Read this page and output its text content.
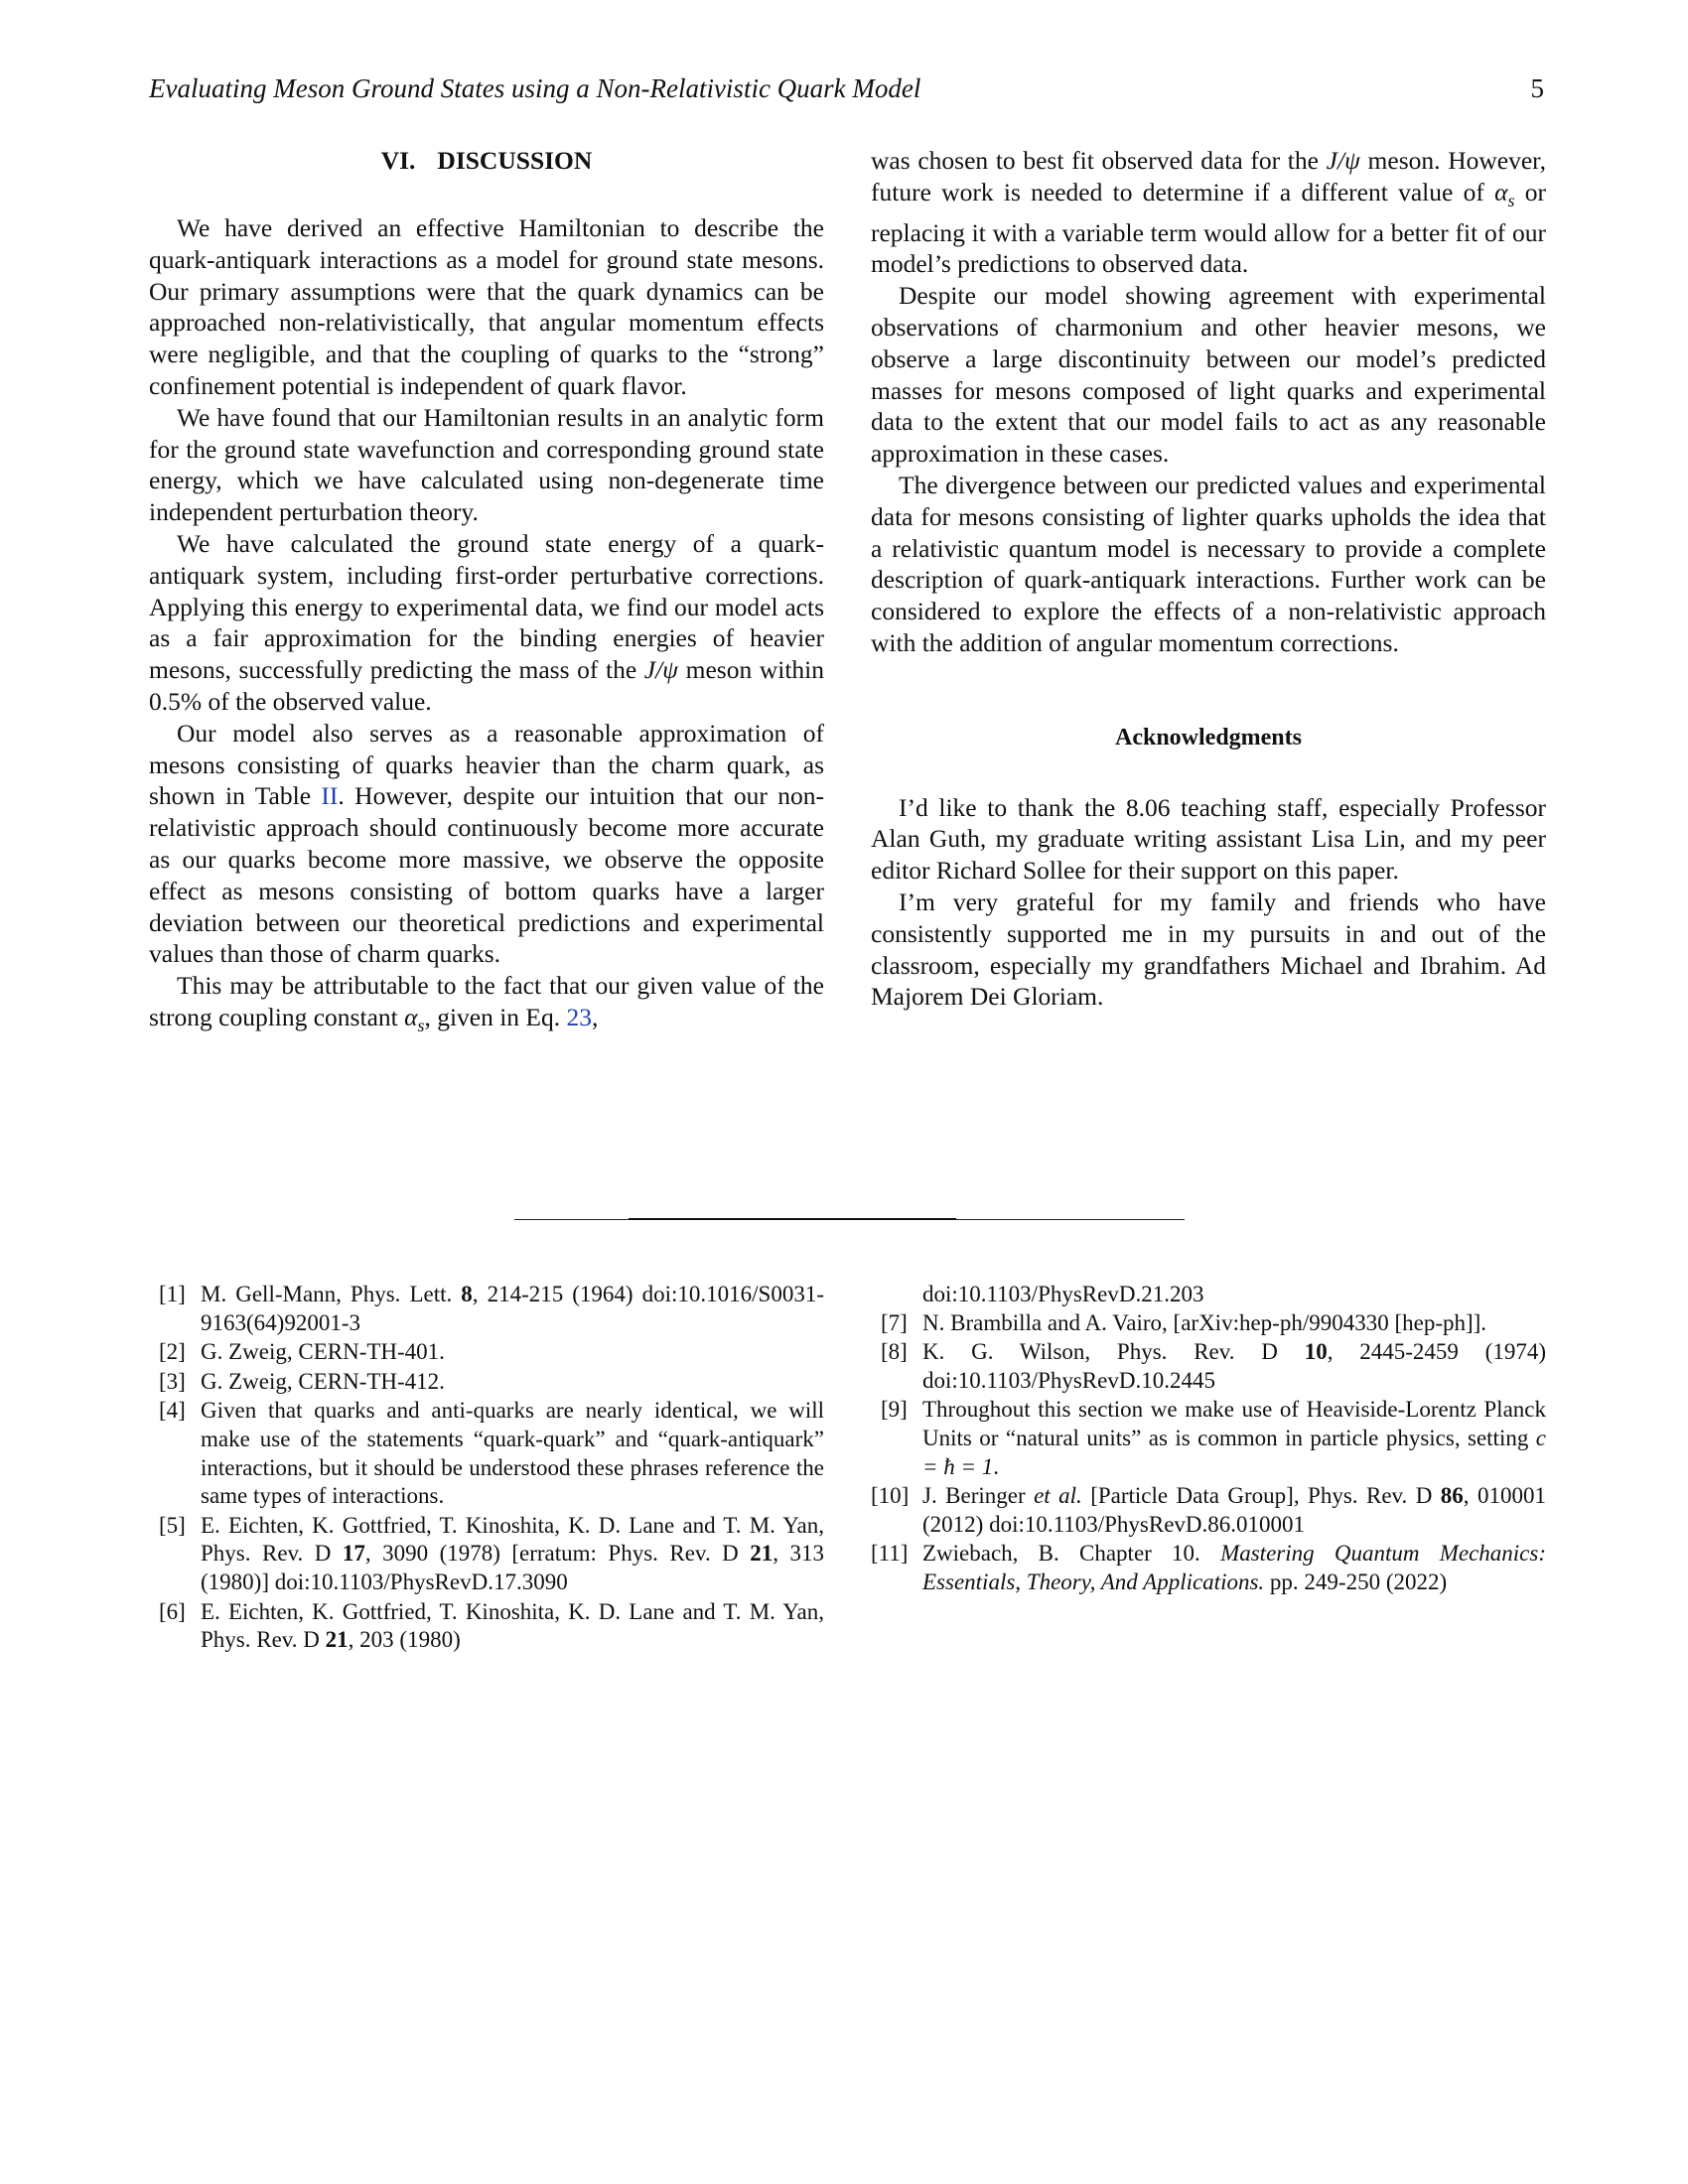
Evaluating Meson Ground States using a Non-Relativistic Quark Model	5
VI. DISCUSSION

We have derived an effective Hamiltonian to describe the quark-antiquark interactions as a model for ground state mesons. Our primary assumptions were that the quark dynamics can be approached non-relativistically, that angular momentum effects were negligible, and that the coupling of quarks to the “strong” confinement potential is independent of quark flavor.

We have found that our Hamiltonian results in an analytic form for the ground state wavefunction and corresponding ground state energy, which we have calculated using non-degenerate time independent perturbation theory.

We have calculated the ground state energy of a quark-antiquark system, including first-order perturbative corrections. Applying this energy to experimental data, we find our model acts as a fair approximation for the binding energies of heavier mesons, successfully predicting the mass of the J/ψ meson within 0.5% of the observed value.

Our model also serves as a reasonable approximation of mesons consisting of quarks heavier than the charm quark, as shown in Table II. However, despite our intuition that our non-relativistic approach should continuously become more accurate as our quarks become more massive, we observe the opposite effect as mesons consisting of bottom quarks have a larger deviation between our theoretical predictions and experimental values than those of charm quarks.

This may be attributable to the fact that our given value of the strong coupling constant $\alpha_s$, given in Eq. 23,

was chosen to best fit observed data for the J/ψ meson. However, future work is needed to determine if a different value of $\alpha_s$ or replacing it with a variable term would allow for a better fit of our model’s predictions to observed data.

Despite our model showing agreement with experimental observations of charmonium and other heavier mesons, we observe a large discontinuity between our model’s predicted masses for mesons composed of light quarks and experimental data to the extent that our model fails to act as any reasonable approximation in these cases.

The divergence between our predicted values and experimental data for mesons consisting of lighter quarks upholds the idea that a relativistic quantum model is necessary to provide a complete description of quark-antiquark interactions. Further work can be considered to explore the effects of a non-relativistic approach with the addition of angular momentum corrections.

Acknowledgments

I’d like to thank the 8.06 teaching staff, especially Professor Alan Guth, my graduate writing assistant Lisa Lin, and my peer editor Richard Sollee for their support on this paper.

I’m very grateful for my family and friends who have consistently supported me in my pursuits in and out of the classroom, especially my grandfathers Michael and Ibrahim. Ad Majorem Dei Gloriam.

[1] M. Gell-Mann, Phys. Lett. 8, 214-215 (1964) doi:10.1016/S0031-9163(64)92001-3
[2] G. Zweig, CERN-TH-401.
[3] G. Zweig, CERN-TH-412.
[4] Given that quarks and anti-quarks are nearly identical, we will make use of the statements “quark-quark” and “quark-antiquark” interactions, but it should be understood these phrases reference the same types of interactions.
[5] E. Eichten, K. Gottfried, T. Kinoshita, K. D. Lane and T. M. Yan, Phys. Rev. D 17, 3090 (1978) [erratum: Phys. Rev. D 21, 313 (1980)] doi:10.1103/PhysRevD.17.3090
[6] E. Eichten, K. Gottfried, T. Kinoshita, K. D. Lane and T. M. Yan, Phys. Rev. D 21, 203 (1980)
doi:10.1103/PhysRevD.21.203
[7] N. Brambilla and A. Vairo, [arXiv:hep-ph/9904330 [hep-ph]].
[8] K. G. Wilson, Phys. Rev. D 10, 2445-2459 (1974) doi:10.1103/PhysRevD.10.2445
[9] Throughout this section we make use of Heaviside-Lorentz Planck Units or “natural units” as is common in particle physics, setting c = ħ = 1.
[10] J. Beringer et al. [Particle Data Group], Phys. Rev. D 86, 010001 (2012) doi:10.1103/PhysRevD.86.010001
[11] Zwiebach, B. Chapter 10. Mastering Quantum Mechanics: Essentials, Theory, And Applications. pp. 249-250 (2022)
